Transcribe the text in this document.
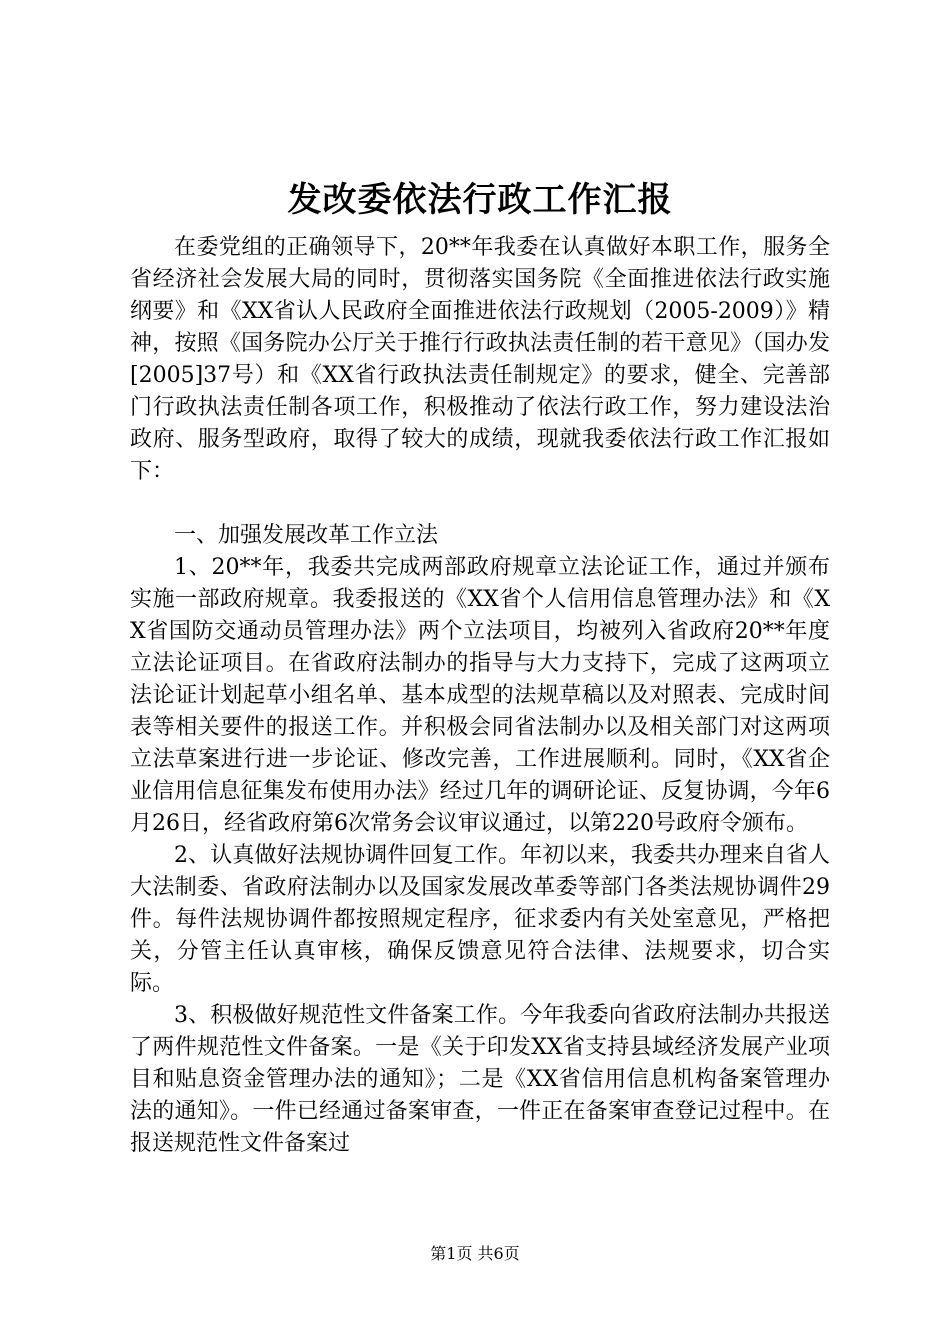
发改委依法行政工作汇报

在委党组的正确领导下，20**年我委在认真做好本职工作，服务全省经济社会发展大局的同时，贯彻落实国务院《全面推进依法行政实施纲要》和《XX省认人民政府全面推进依法行政规划（2005-2009）》精神，按照《国务院办公厅关于推行行政执法责任制的若干意见》（国办发[2005]37号）和《XX省行政执法责任制规定》的要求，健全、完善部门行政执法责任制各项工作，积极推动了依法行政工作，努力建设法治政府、服务型政府，取得了较大的成绩，现就我委依法行政工作汇报如下：

一、加强发展改革工作立法

1、20**年，我委共完成两部政府规章立法论证工作，通过并颁布实施一部政府规章。我委报送的《XX省个人信用信息管理办法》和《XX省国防交通动员管理办法》两个立法项目，均被列入省政府20**年度立法论证项目。在省政府法制办的指导与大力支持下，完成了这两项立法论证计划起草小组名单、基本成型的法规草稿以及对照表、完成时间表等相关要件的报送工作。并积极会同省法制办以及相关部门对这两项立法草案进行进一步论证、修改完善，工作进展顺利。同时，《XX省企业信用信息征集发布使用办法》经过几年的调研论证、反复协调，今年6月26日，经省政府第6次常务会议审议通过，以第220号政府令颁布。

2、认真做好法规协调件回复工作。年初以来，我委共办理来自省人大法制委、省政府法制办以及国家发展改革委等部门各类法规协调件29件。每件法规协调件都按照规定程序，征求委内有关处室意见，严格把关，分管主任认真审核，确保反馈意见符合法律、法规要求，切合实际。

3、积极做好规范性文件备案工作。今年我委向省政府法制办共报送了两件规范性文件备案。一是《关于印发XX省支持县域经济发展产业项目和贴息资金管理办法的通知》；二是《XX省信用信息机构备案管理办法的通知》。一件已经通过备案审查，一件正在备案审查登记过程中。在报送规范性文件备案过

第1页 共6页
